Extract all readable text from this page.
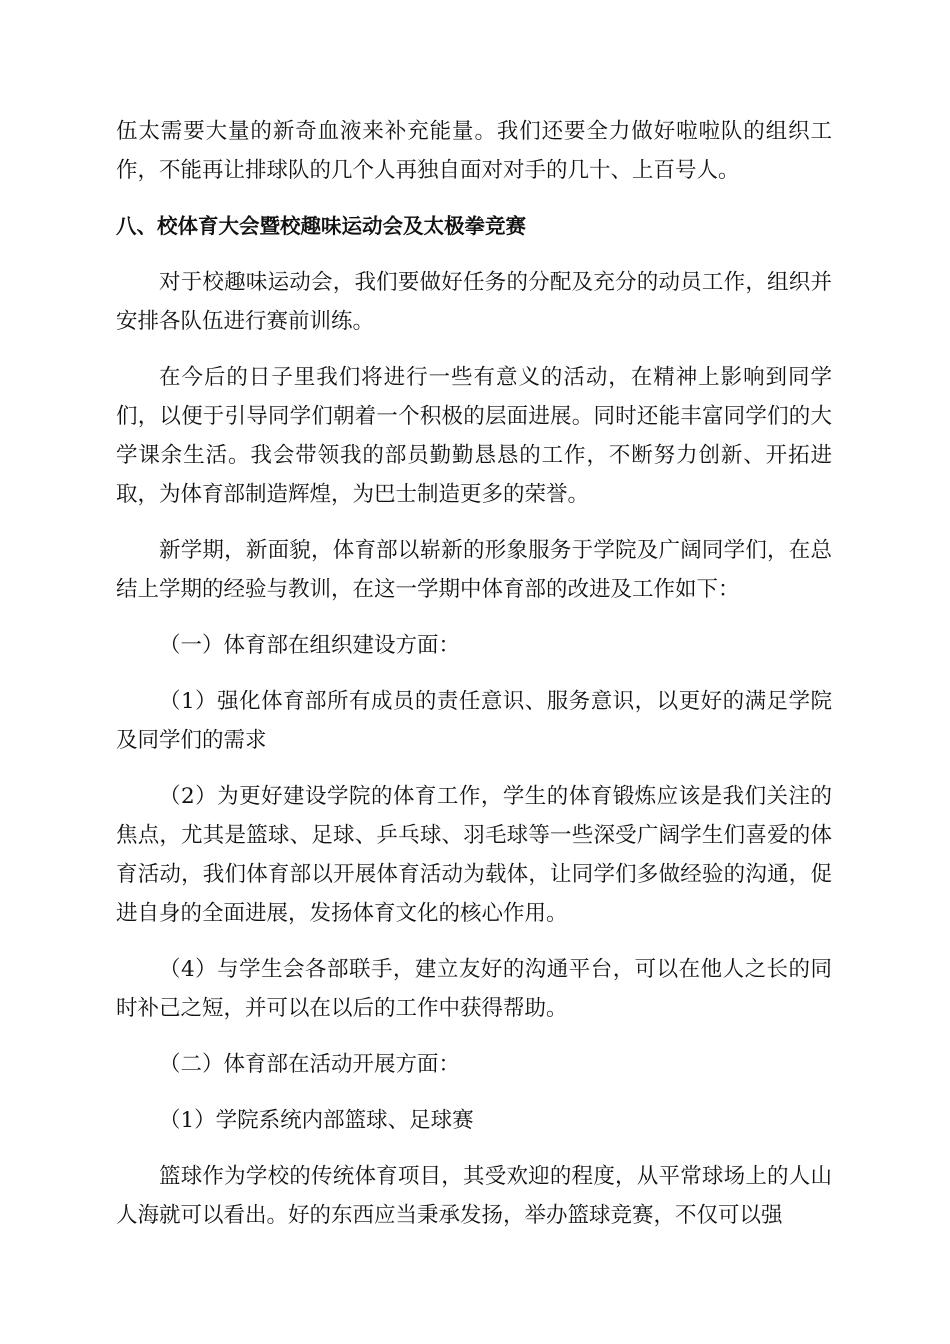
伍太需要大量的新奇血液来补充能量。我们还要全力做好啦啦队的组织工作，不能再让排球队的几个人再独自面对对手的几十、上百号人。

八、校体育大会暨校趣味运动会及太极拳竞赛

对于校趣味运动会，我们要做好任务的分配及充分的动员工作，组织并安排各队伍进行赛前训练。

在今后的日子里我们将进行一些有意义的活动，在精神上影响到同学们，以便于引导同学们朝着一个积极的层面进展。同时还能丰富同学们的大学课余生活。我会带领我的部员勤勤恳恳的工作，不断努力创新、开拓进取，为体育部制造辉煌，为巴士制造更多的荣誉。

新学期，新面貌，体育部以崭新的形象服务于学院及广阔同学们，在总结上学期的经验与教训，在这一学期中体育部的改进及工作如下：

（一）体育部在组织建设方面：

（1）强化体育部所有成员的责任意识、服务意识，以更好的满足学院及同学们的需求

（2）为更好建设学院的体育工作，学生的体育锻炼应该是我们关注的焦点，尤其是篮球、足球、乒乓球、羽毛球等一些深受广阔学生们喜爱的体育活动，我们体育部以开展体育活动为载体，让同学们多做经验的沟通，促进自身的全面进展，发扬体育文化的核心作用。

（4）与学生会各部联手，建立友好的沟通平台，可以在他人之长的同时补己之短，并可以在以后的工作中获得帮助。

（二）体育部在活动开展方面：

（1）学院系统内部篮球、足球赛

篮球作为学校的传统体育项目，其受欢迎的程度，从平常球场上的人山人海就可以看出。好的东西应当秉承发扬，举办篮球竞赛，不仅可以强
